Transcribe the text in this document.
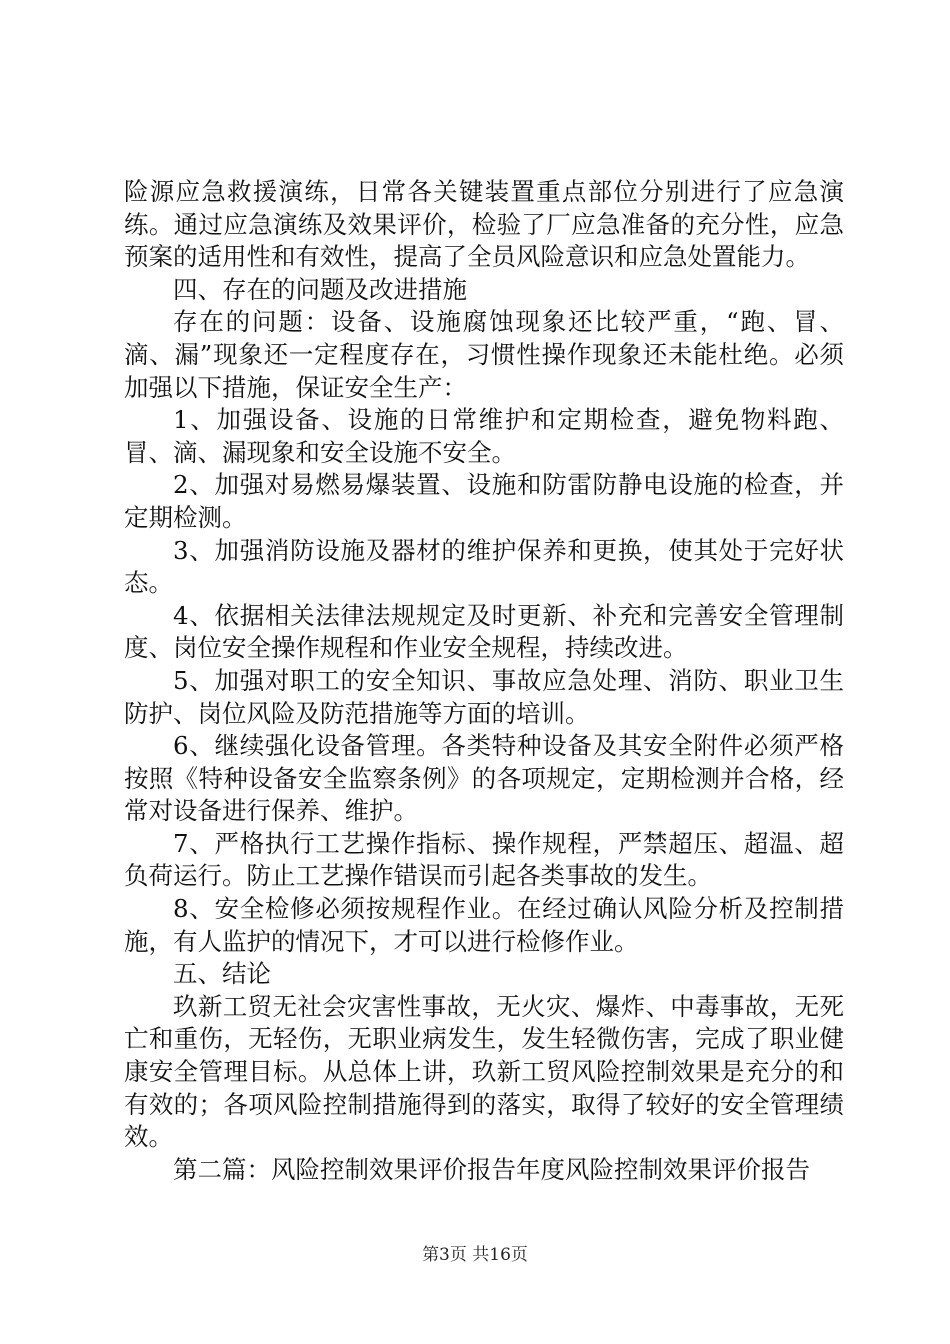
险源应急救援演练，日常各关键装置重点部位分别进行了应急演练。通过应急演练及效果评价，检验了厂应急准备的充分性，应急预案的适用性和有效性，提高了全员风险意识和应急处置能力。

四、存在的问题及改进措施

存在的问题：设备、设施腐蚀现象还比较严重，“跑、冒、滴、漏”现象还一定程度存在，习惯性操作现象还未能杜绝。必须加强以下措施，保证安全生产：

1、加强设备、设施的日常维护和定期检查，避免物料跑、冒、滴、漏现象和安全设施不安全。

2、加强对易燃易爆装置、设施和防雷防静电设施的检查，并定期检测。

3、加强消防设施及器材的维护保养和更换，使其处于完好状态。

4、依据相关法律法规规定及时更新、补充和完善安全管理制度、岗位安全操作规程和作业安全规程，持续改进。

5、加强对职工的安全知识、事故应急处理、消防、职业卫生防护、岗位风险及防范措施等方面的培训。

6、继续强化设备管理。各类特种设备及其安全附件必须严格按照《特种设备安全监察条例》的各项规定，定期检测并合格，经常对设备进行保养、维护。

7、严格执行工艺操作指标、操作规程，严禁超压、超温、超负荷运行。防止工艺操作错误而引起各类事故的发生。

8、安全检修必须按规程作业。在经过确认风险分析及控制措施，有人监护的情况下，才可以进行检修作业。

五、结论

玖新工贸无社会灾害性事故，无火灾、爆炸、中毒事故，无死亡和重伤，无轻伤，无职业病发生，发生轻微伤害，完成了职业健康安全管理目标。从总体上讲，玖新工贸风险控制效果是充分的和有效的；各项风险控制措施得到的落实，取得了较好的安全管理绩效。

第二篇：风险控制效果评价报告年度风险控制效果评价报告

第3页 共16页
